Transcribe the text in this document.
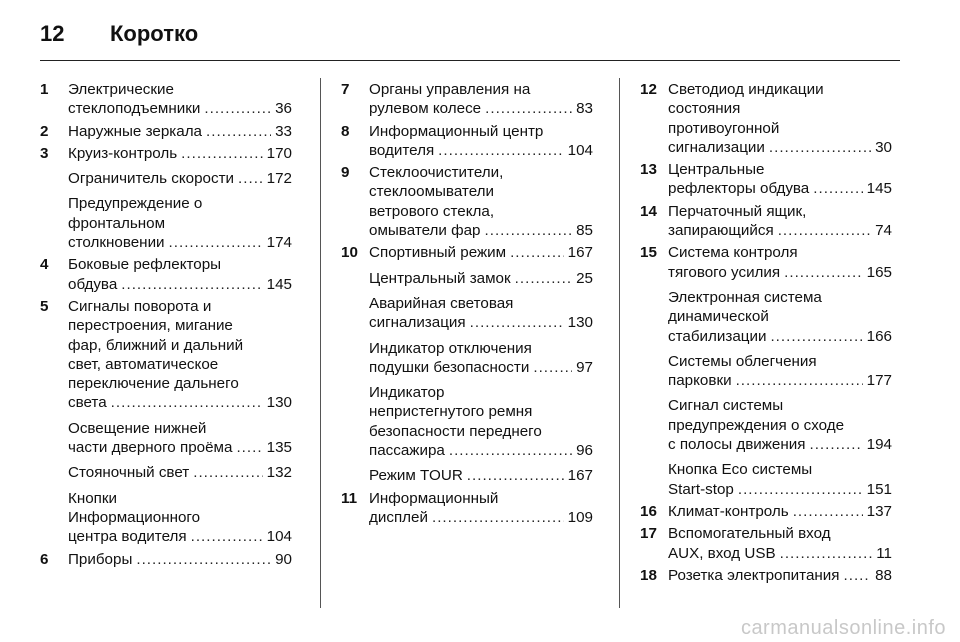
12 Коротко
1 Электрические
стеклоподъемники .....	36
2 Наружные зеркала .....	33
3 Круиз-контроль .....	170
Ограничитель скорости ..... 172
Предупреждение о
фронтальном
столкновении .....	174
4 Боковые рефлекторы
обдува .....	145
5 Сигналы поворота и
перестроения, мигание
фар, ближний и дальний
свет, автоматическое
переключение дальнего
света .....	130
Освещение нижней
части дверного проёма ..... 135
Стояночный свет .....	132
Кнопки
Информационного
центра водителя .....	104
6 Приборы .....	90
7 Органы управления на
рулевом колесе .....	83
8 Информационный центр
водителя .....	104
9 Стеклоочистители,
стеклоомыватели
ветрового стекла,
омыватели фар .....	85
10 Спортивный режим .....	167
Центральный замок .....	25
Аварийная световая
сигнализация .....	130
Индикатор отключения
подушки безопасности .....	97
Индикатор
непристегнутого ремня
безопасности переднего
пассажира .....	96
Режим TOUR .....	167
11 Информационный
дисплей .....	109
12 Светодиод индикации
состояния
противоугонной
сигнализации .....	30
13 Центральные
рефлекторы обдува .....	145
14 Перчаточный ящик,
запирающийся .....	74
15 Система контроля
тягового усилия .....	165
Электронная система
динамической
стабилизации .....	166
Системы облегчения
парковки .....	177
Сигнал системы
предупреждения о сходе
с полосы движения .....	194
Кнопка Eco системы
Start-stop .....	151
16 Климат-контроль .....	137
17 Вспомогательный вход
AUX, вход USB .....	11
18 Розетка электропитания ..... 88
carmanualsonline.info
